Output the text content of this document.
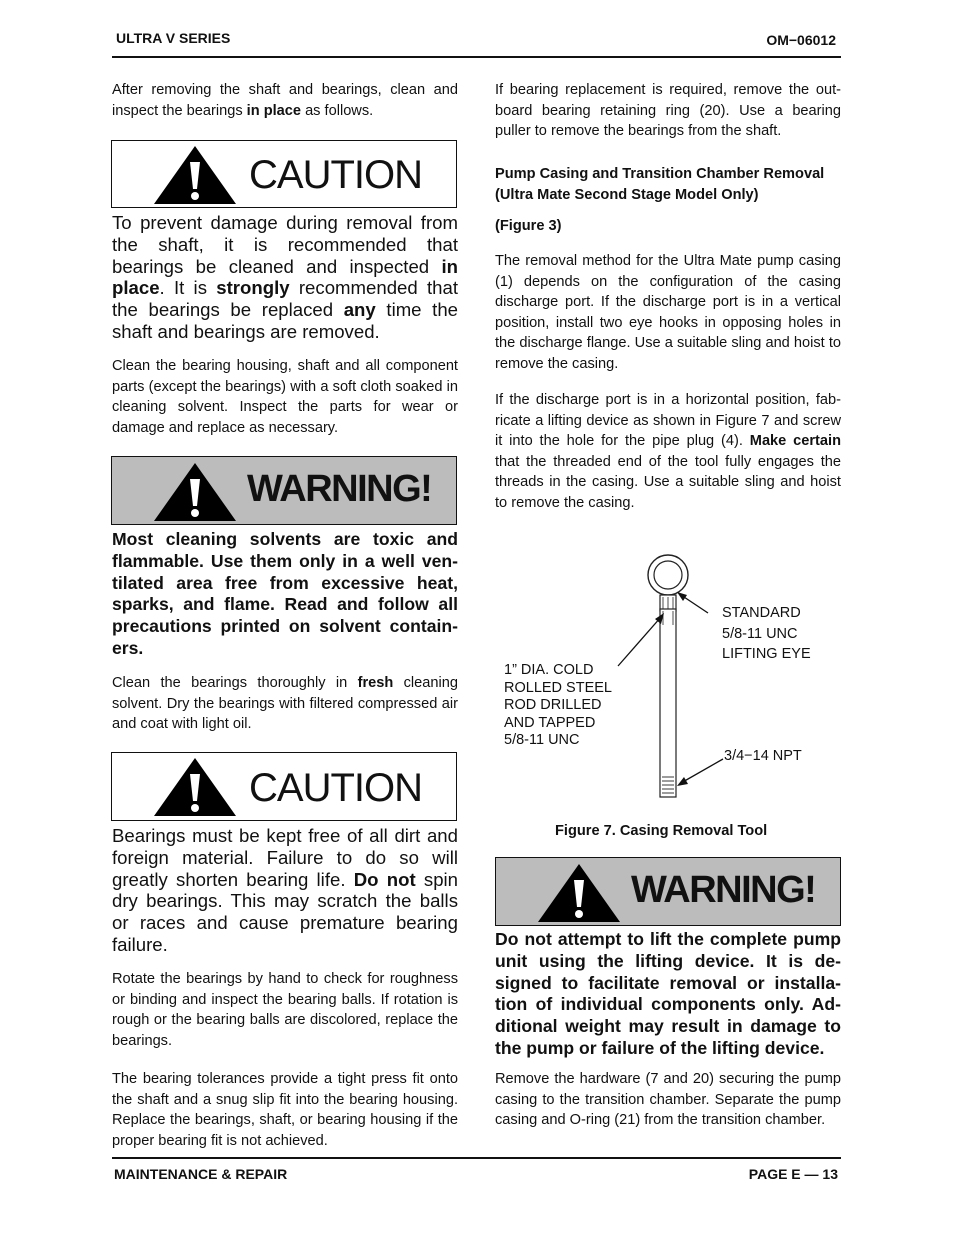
ULTRA V SERIES	OM−06012

After removing the shaft and bearings, clean and inspect the bearings in place as follows.

CAUTION

To prevent damage during removal from the shaft, it is recommended that bearings be cleaned and inspected in place. It is strongly recommended that the bearings be replaced any time the shaft and bearings are removed.

Clean the bearing housing, shaft and all component parts (except the bearings) with a soft cloth soaked in cleaning solvent. Inspect the parts for wear or damage and replace as necessary.

WARNING!

Most cleaning solvents are toxic and flammable. Use them only in a well ventilated area free from excessive heat, sparks, and flame. Read and follow all precautions printed on solvent containers.

Clean the bearings thoroughly in fresh cleaning solvent. Dry the bearings with filtered compressed air and coat with light oil.

CAUTION

Bearings must be kept free of all dirt and foreign material. Failure to do so will greatly shorten bearing life. Do not spin dry bearings. This may scratch the balls or races and cause premature bearing failure.

Rotate the bearings by hand to check for roughness or binding and inspect the bearing balls. If rotation is rough or the bearing balls are discolored, replace the bearings.

The bearing tolerances provide a tight press fit onto the shaft and a snug slip fit into the bearing housing. Replace the bearings, shaft, or bearing housing if the proper bearing fit is not achieved.

If bearing replacement is required, remove the outboard bearing retaining ring (20). Use a bearing puller to remove the bearings from the shaft.

Pump Casing and Transition Chamber Removal (Ultra Mate Second Stage Model Only)

(Figure 3)

The removal method for the Ultra Mate pump casing (1) depends on the configuration of the casing discharge port. If the discharge port is in a vertical position, install two eye hooks in opposing holes in the discharge flange. Use a suitable sling and hoist to remove the casing.

If the discharge port is in a horizontal position, fabricate a lifting device as shown in Figure 7 and screw it into the hole for the pipe plug (4). Make certain that the threaded end of the tool fully engages the threads in the casing. Use a suitable sling and hoist to remove the casing.

STANDARD
5/8-11 UNC
LIFTING EYE
1” DIA. COLD
ROLLED STEEL
ROD DRILLED
AND TAPPED
5/8-11 UNC
3/4−14 NPT
Figure 7. Casing Removal Tool
WARNING!

Do not attempt to lift the complete pump unit using the lifting device. It is designed to facilitate removal or installation of individual components only. Additional weight may result in damage to the pump or failure of the lifting device.

Remove the hardware (7 and 20) securing the pump casing to the transition chamber. Separate the pump casing and O-ring (21) from the transition chamber.

MAINTENANCE & REPAIR	PAGE E — 13
